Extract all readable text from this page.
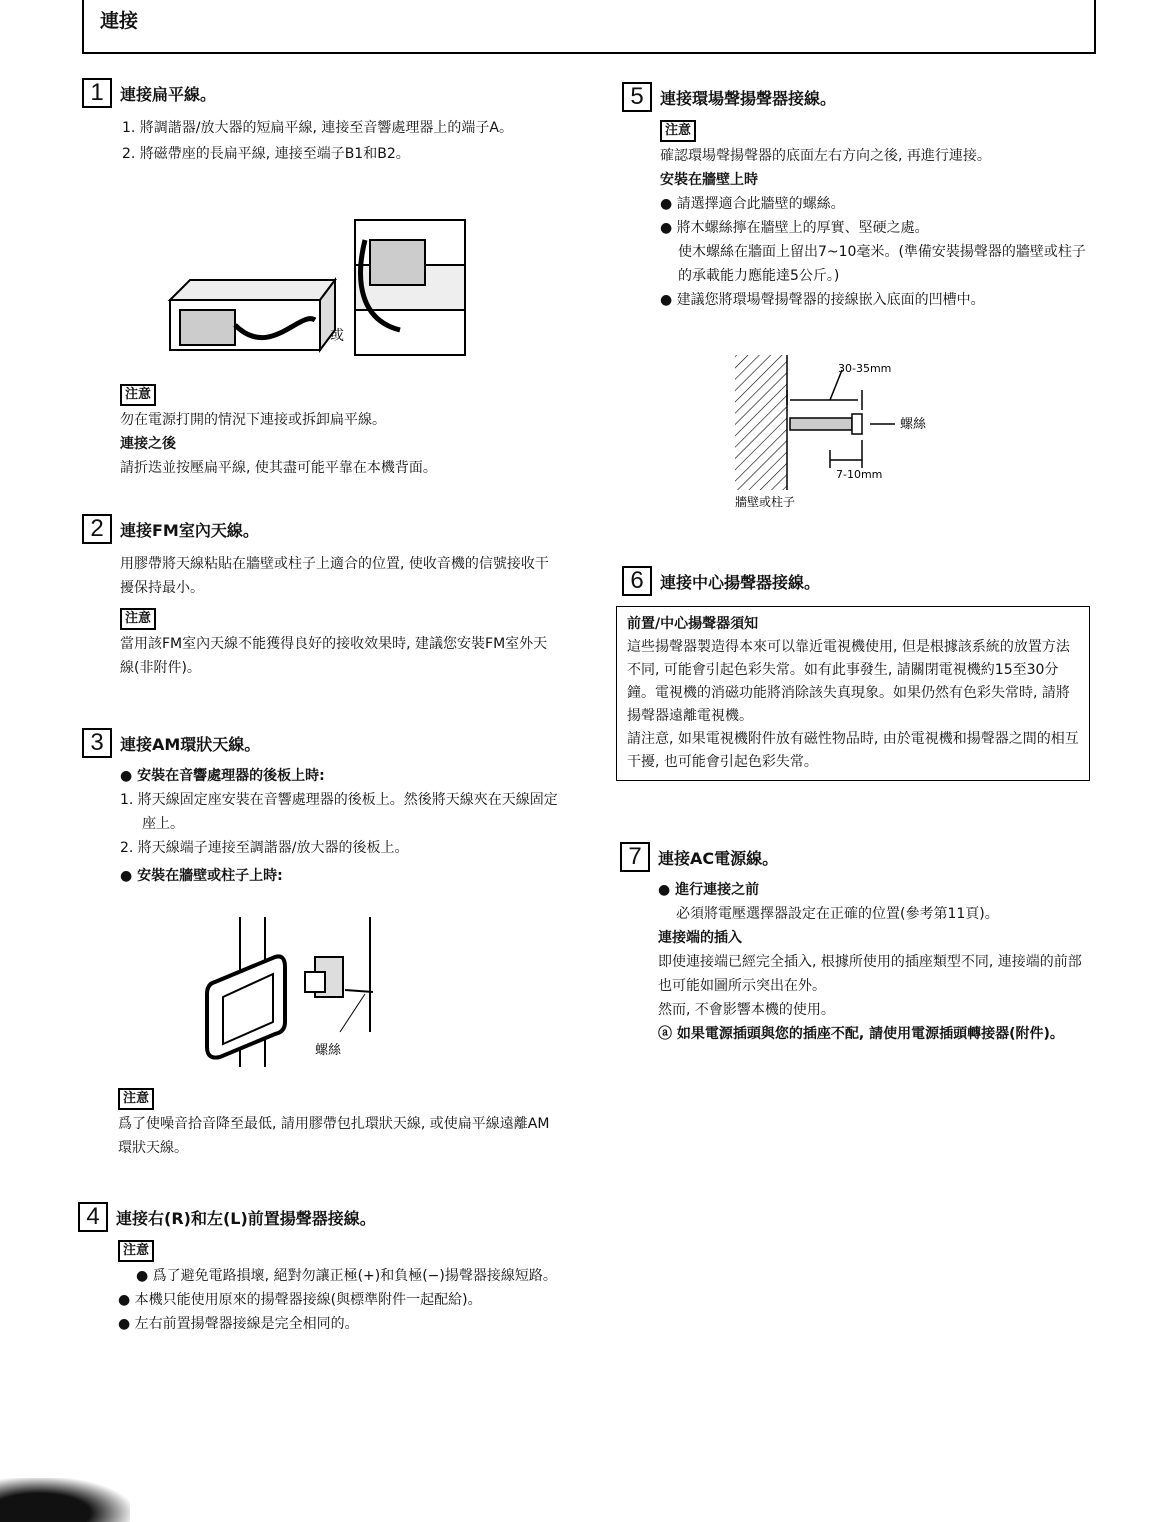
連接
1	連接扁平線。
1. 將調諧器/放大器的短扁平線, 連接至音響處理器上的端子A。
2. 將磁帶座的長扁平線, 連接至端子B1和B2。
或
注意
勿在電源打開的情況下連接或拆卸扁平線。
連接之後
請折迭並按壓扁平線, 使其盡可能平靠在本機背面。
2	連接FM室內天線。
用膠帶將天線粘貼在牆壁或柱子上適合的位置, 使收音機的信號接收干擾保持最小。
注意
當用該FM室內天線不能獲得良好的接收效果時, 建議您安裝FM室外天線(非附件)。
3	連接AM環狀天線。
● 安裝在音響處理器的後板上時:
1. 將天線固定座安裝在音響處理器的後板上。然後將天線夾在天線固定座上。
2. 將天線端子連接至調諧器/放大器的後板上。
● 安裝在牆壁或柱子上時:
螺絲
注意
爲了使噪音拾音降至最低, 請用膠帶包扎環狀天線, 或使扁平線遠離AM環狀天線。
4	連接右(R)和左(L)前置揚聲器接線。
注意
● 爲了避免電路損壞, 絕對勿讓正極(+)和負極(−)揚聲器接線短路。
● 本機只能使用原來的揚聲器接線(與標準附件一起配給)。
● 左右前置揚聲器接線是完全相同的。
5	連接環場聲揚聲器接線。
注意
確認環場聲揚聲器的底面左右方向之後, 再進行連接。
安裝在牆壁上時
● 請選擇適合此牆壁的螺絲。
● 將木螺絲擰在牆壁上的厚實、堅硬之處。
使木螺絲在牆面上留出7~10毫米。(準備安裝揚聲器的牆壁或柱子的承載能力應能達5公斤。)
● 建議您將環場聲揚聲器的接線嵌入底面的凹槽中。
30-35mm
7-10mm
螺絲
牆壁或柱子
6	連接中心揚聲器接線。
前置/中心揚聲器須知
這些揚聲器製造得本來可以靠近電視機使用, 但是根據該系統的放置方法不同, 可能會引起色彩失常。如有此事發生, 請關閉電視機約15至30分鐘。電視機的消磁功能將消除該失真現象。如果仍然有色彩失常時, 請將揚聲器遠離電視機。
請注意, 如果電視機附件放有磁性物品時, 由於電視機和揚聲器之間的相互干擾, 也可能會引起色彩失常。
7	連接AC電源線。
● 進行連接之前
必須將電壓選擇器設定在正確的位置(參考第11頁)。
連接端的插入
即使連接端已經完全插入, 根據所使用的插座類型不同, 連接端的前部也可能如圖所示突出在外。
然而, 不會影響本機的使用。
ⓐ 如果電源插頭與您的插座不配, 請使用電源插頭轉接器(附件)。
